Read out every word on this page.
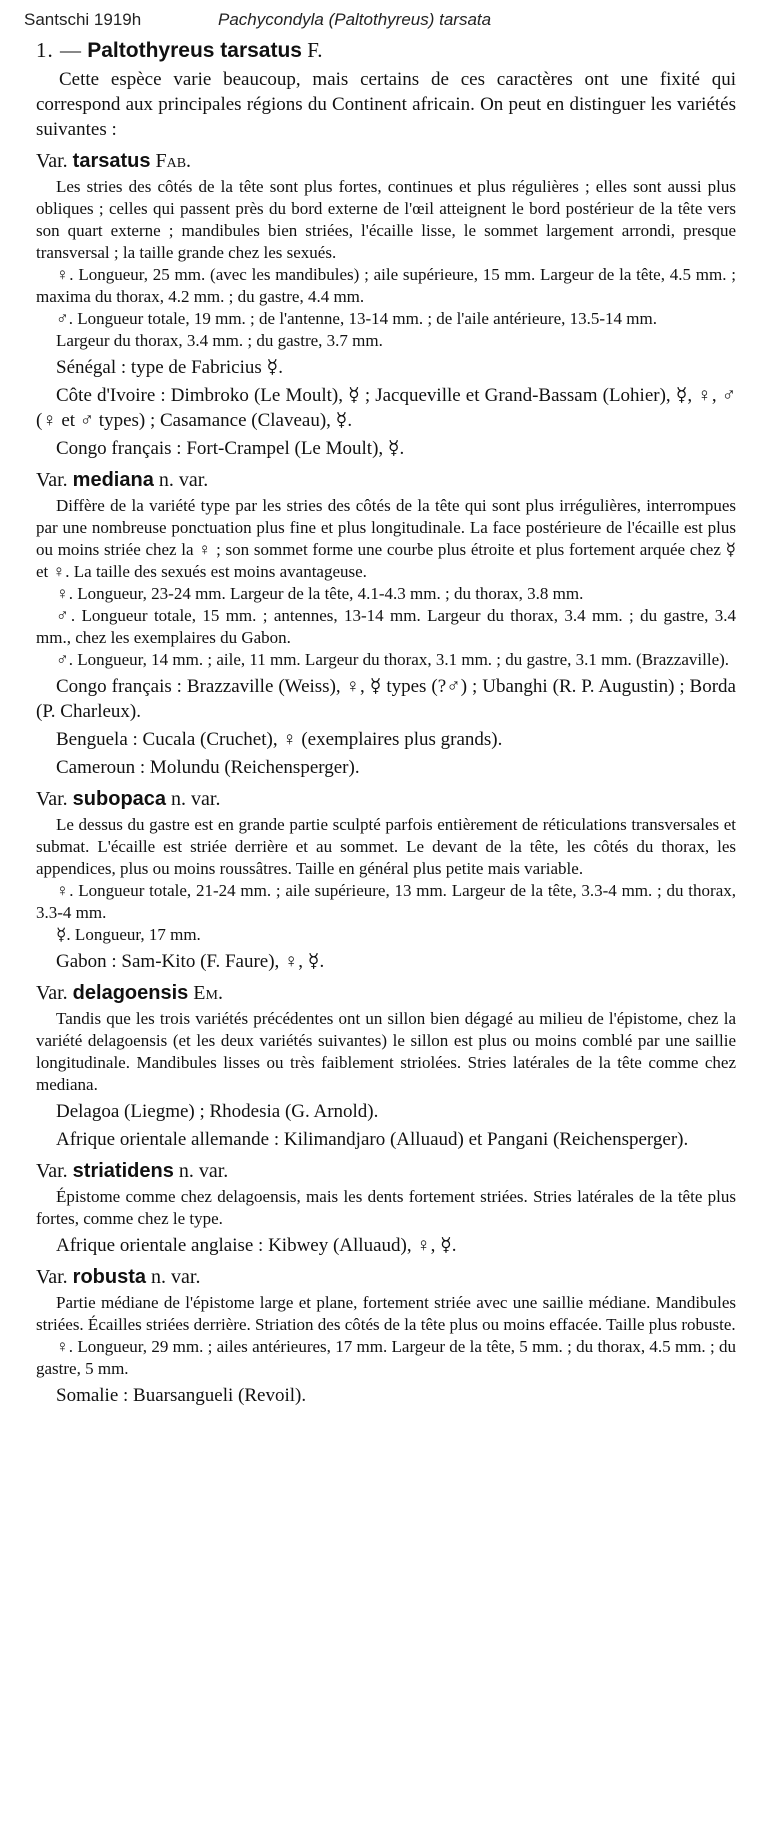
Santschi 1919h	Pachycondyla (Paltothyreus) tarsata
1. — Paltothyreus tarsatus F.

Cette espèce varie beaucoup, mais certains de ces caractères ont une fixité qui correspond aux principales régions du Continent africain. On peut en distinguer les variétés suivantes :

Var. tarsatus Fab.

Les stries des côtés de la tête sont plus fortes, continues et plus régulières ; elles sont aussi plus obliques ; celles qui passent près du bord externe de l'œil atteignent le bord postérieur de la tête vers son quart externe ; mandibules bien striées, l'écaille lisse, le sommet largement arrondi, presque transversal ; la taille grande chez les sexués.

♀. Longueur, 25 mm. (avec les mandibules) ; aile supérieure, 15 mm. Largeur de la tête, 4.5 mm. ; maxima du thorax, 4.2 mm. ; du gastre, 4.4 mm.

♂. Longueur totale, 19 mm. ; de l'antenne, 13-14 mm. ; de l'aile antérieure, 13.5-14 mm.

Largeur du thorax, 3.4 mm. ; du gastre, 3.7 mm.

Sénégal : type de Fabricius ☿.

Côte d'Ivoire : Dimbroko (Le Moult), ☿ ; Jacqueville et Grand-Bassam (Lohier), ☿, ♀, ♂ (♀ et ♂ types) ; Casamance (Claveau), ☿.

Congo français : Fort-Crampel (Le Moult), ☿.

Var. mediana n. var.

Diffère de la variété type par les stries des côtés de la tête qui sont plus irrégulières, interrompues par une nombreuse ponctuation plus fine et plus longitudinale. La face postérieure de l'écaille est plus ou moins striée chez la ♀ ; son sommet forme une courbe plus étroite et plus fortement arquée chez ☿ et ♀. La taille des sexués est moins avantageuse.

♀. Longueur, 23-24 mm. Largeur de la tête, 4.1-4.3 mm. ; du thorax, 3.8 mm.

♂. Longueur totale, 15 mm. ; antennes, 13-14 mm. Largeur du thorax, 3.4 mm. ; du gastre, 3.4 mm., chez les exemplaires du Gabon.

♂. Longueur, 14 mm. ; aile, 11 mm. Largeur du thorax, 3.1 mm. ; du gastre, 3.1 mm. (Brazzaville).

Congo français : Brazzaville (Weiss), ♀, ☿ types (?♂) ; Ubanghi (R. P. Augustin) ; Borda (P. Charleux).

Benguela : Cucala (Cruchet), ♀ (exemplaires plus grands).

Cameroun : Molundu (Reichensperger).

Var. subopaca n. var.

Le dessus du gastre est en grande partie sculpté parfois entièrement de réticulations transversales et submat. L'écaille est striée derrière et au sommet. Le devant de la tête, les côtés du thorax, les appendices, plus ou moins roussâtres. Taille en général plus petite mais variable.

♀. Longueur totale, 21-24 mm. ; aile supérieure, 13 mm. Largeur de la tête, 3.3-4 mm. ; du thorax, 3.3-4 mm.

☿. Longueur, 17 mm.

Gabon : Sam-Kito (F. Faure), ♀, ☿.

Var. delagoensis Em.

Tandis que les trois variétés précédentes ont un sillon bien dégagé au milieu de l'épistome, chez la variété delagoensis (et les deux variétés suivantes) le sillon est plus ou moins comblé par une saillie longitudinale. Mandibules lisses ou très faiblement striolées. Stries latérales de la tête comme chez mediana.

Delagoa (Liegme) ; Rhodesia (G. Arnold).

Afrique orientale allemande : Kilimandjaro (Alluaud) et Pangani (Reichensperger).

Var. striatidens n. var.

Épistome comme chez delagoensis, mais les dents fortement striées. Stries latérales de la tête plus fortes, comme chez le type.

Afrique orientale anglaise : Kibwey (Alluaud), ♀, ☿.

Var. robusta n. var.

Partie médiane de l'épistome large et plane, fortement striée avec une saillie médiane. Mandibules striées. Écailles striées derrière. Striation des côtés de la tête plus ou moins effacée. Taille plus robuste.

♀. Longueur, 29 mm. ; ailes antérieures, 17 mm. Largeur de la tête, 5 mm. ; du thorax, 4.5 mm. ; du gastre, 5 mm.

Somalie : Buarsangueli (Revoil).
